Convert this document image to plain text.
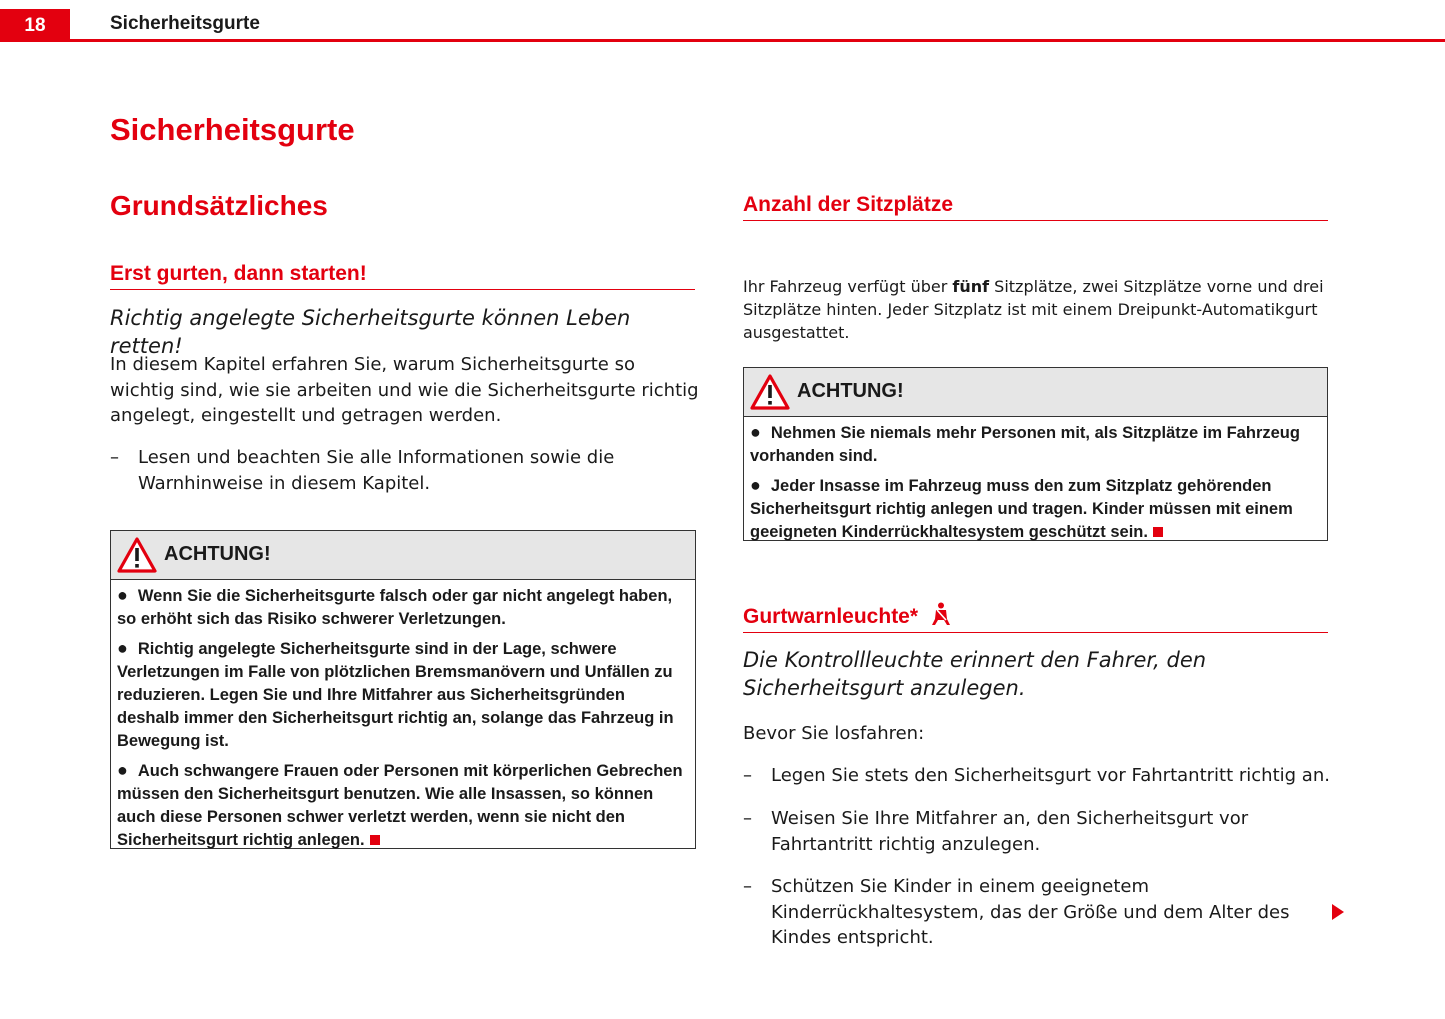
18	Sicherheitsgurte
Sicherheitsgurte
Grundsätzliches
Erst gurten, dann starten!

Richtig angelegte Sicherheitsgurte können Leben retten!

In diesem Kapitel erfahren Sie, warum Sicherheitsgurte so wichtig sind, wie sie arbeiten und wie die Sicherheitsgurte richtig angelegt, eingestellt und getragen werden.

– Lesen und beachten Sie alle Informationen sowie die Warnhinweise in diesem Kapitel.

ACHTUNG!

● Wenn Sie die Sicherheitsgurte falsch oder gar nicht angelegt haben, so erhöht sich das Risiko schwerer Verletzungen.

● Richtig angelegte Sicherheitsgurte sind in der Lage, schwere Verletzungen im Falle von plötzlichen Bremsmanövern und Unfällen zu reduzieren. Legen Sie und Ihre Mitfahrer aus Sicherheitsgründen deshalb immer den Sicherheitsgurt richtig an, solange das Fahrzeug in Bewegung ist.

● Auch schwangere Frauen oder Personen mit körperlichen Gebrechen müssen den Sicherheitsgurt benutzen. Wie alle Insassen, so können auch diese Personen schwer verletzt werden, wenn sie nicht den Sicherheitsgurt richtig anlegen.

Anzahl der Sitzplätze

Ihr Fahrzeug verfügt über fünf Sitzplätze, zwei Sitzplätze vorne und drei Sitzplätze hinten. Jeder Sitzplatz ist mit einem Dreipunkt-Automatikgurt ausgestattet.

ACHTUNG!

● Nehmen Sie niemals mehr Personen mit, als Sitzplätze im Fahrzeug vorhanden sind.

● Jeder Insasse im Fahrzeug muss den zum Sitzplatz gehörenden Sicherheitsgurt richtig anlegen und tragen. Kinder müssen mit einem geeigneten Kinderrückhaltesystem geschützt sein.

Gurtwarnleuchte*

Die Kontrollleuchte erinnert den Fahrer, den Sicherheitsgurt anzulegen.

Bevor Sie losfahren:

– Legen Sie stets den Sicherheitsgurt vor Fahrtantritt richtig an.

– Weisen Sie Ihre Mitfahrer an, den Sicherheitsgurt vor Fahrtantritt richtig anzulegen.

– Schützen Sie Kinder in einem geeignetem Kinderrückhaltesystem, das der Größe und dem Alter des Kindes entspricht.
